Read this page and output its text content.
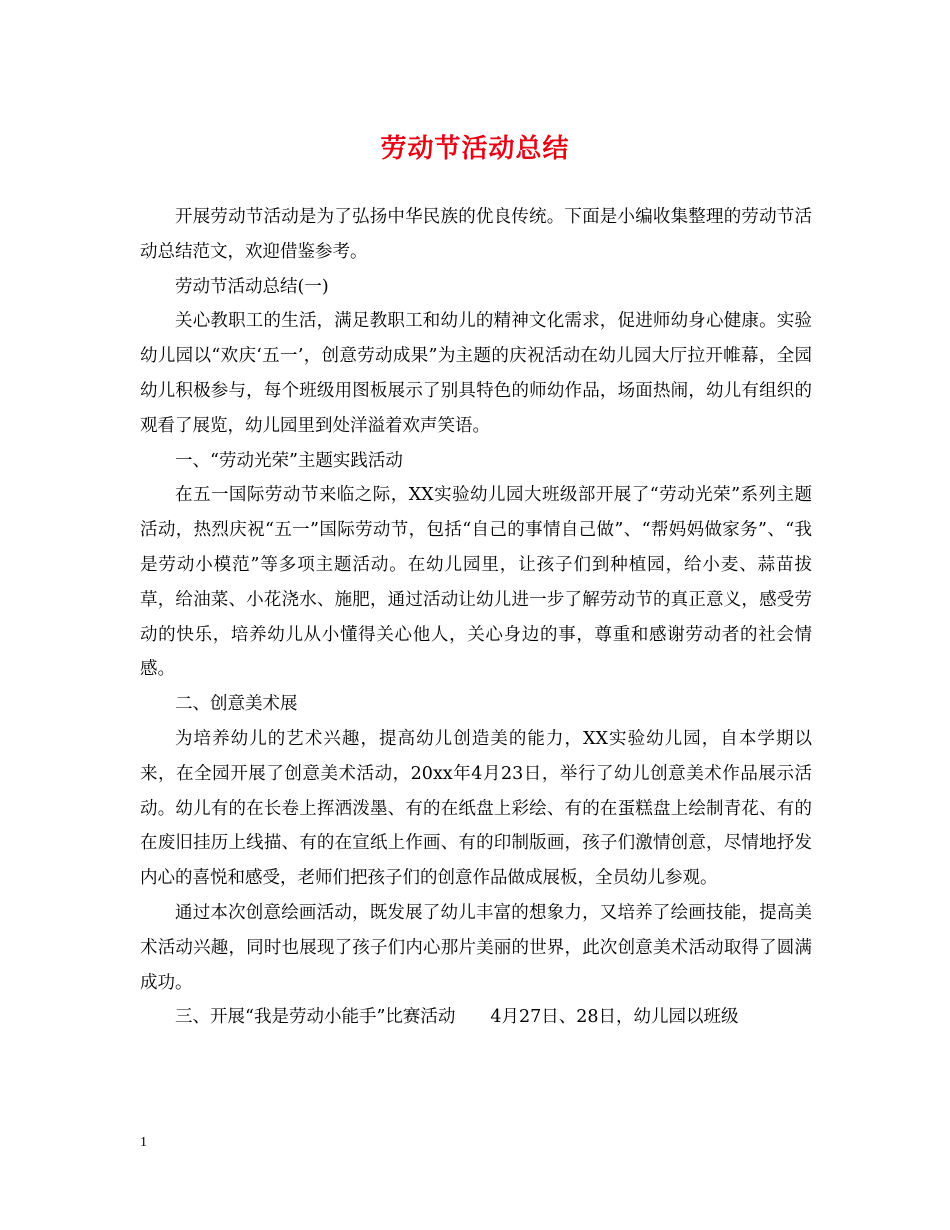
劳动节活动总结

开展劳动节活动是为了弘扬中华民族的优良传统。下面是小编收集整理的劳动节活动总结范文，欢迎借鉴参考。

劳动节活动总结(一)

关心教职工的生活，满足教职工和幼儿的精神文化需求，促进师幼身心健康。实验幼儿园以“欢庆‘五一’，创意劳动成果”为主题的庆祝活动在幼儿园大厅拉开帷幕，全园幼儿积极参与，每个班级用图板展示了别具特色的师幼作品，场面热闹，幼儿有组织的观看了展览，幼儿园里到处洋溢着欢声笑语。

一、“劳动光荣”主题实践活动

在五一国际劳动节来临之际，XX实验幼儿园大班级部开展了“劳动光荣”系列主题活动，热烈庆祝“五一”国际劳动节，包括“自己的事情自己做”、“帮妈妈做家务”、“我是劳动小模范”等多项主题活动。在幼儿园里，让孩子们到种植园，给小麦、蒜苗拔草，给油菜、小花浇水、施肥，通过活动让幼儿进一步了解劳动节的真正意义，感受劳动的快乐，培养幼儿从小懂得关心他人，关心身边的事，尊重和感谢劳动者的社会情感。

二、创意美术展

为培养幼儿的艺术兴趣，提高幼儿创造美的能力，XX实验幼儿园，自本学期以来，在全园开展了创意美术活动，20xx年4月23日，举行了幼儿创意美术作品展示活动。幼儿有的在长卷上挥洒泼墨、有的在纸盘上彩绘、有的在蛋糕盘上绘制青花、有的在废旧挂历上线描、有的在宣纸上作画、有的印制版画，孩子们激情创意，尽情地抒发内心的喜悦和感受，老师们把孩子们的创意作品做成展板，全员幼儿参观。

通过本次创意绘画活动，既发展了幼儿丰富的想象力，又培养了绘画技能，提高美术活动兴趣，同时也展现了孩子们内心那片美丽的世界，此次创意美术活动取得了圆满成功。

三、开展“我是劳动小能手”比赛活动　　4月27日、28日，幼儿园以班级

1
